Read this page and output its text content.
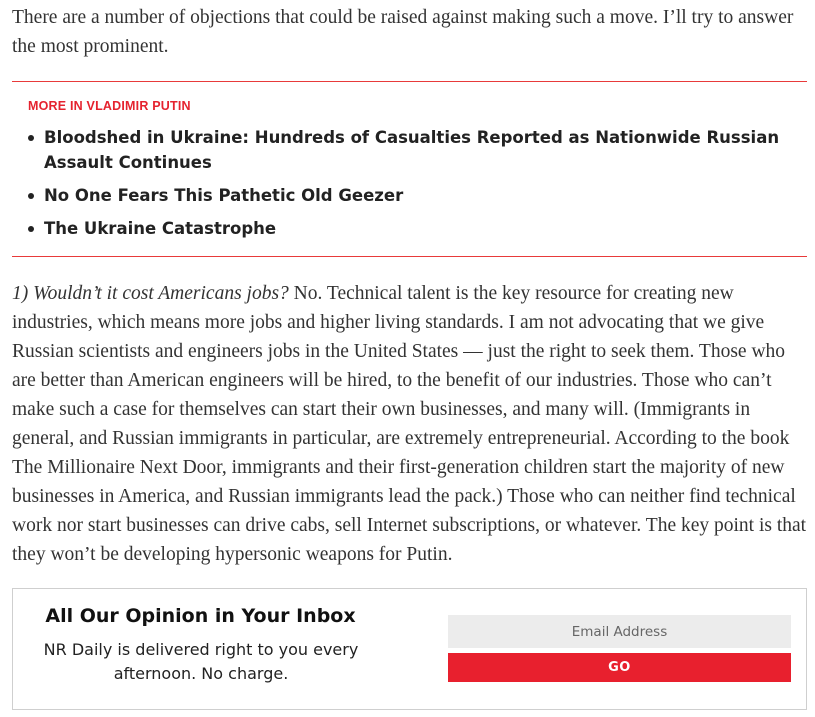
There are a number of objections that could be raised against making such a move. I’ll try to answer the most prominent.

MORE IN VLADIMIR PUTIN
Bloodshed in Ukraine: Hundreds of Casualties Reported as Nationwide Russian Assault Continues
No One Fears This Pathetic Old Geezer
The Ukraine Catastrophe

1) Wouldn’t it cost Americans jobs? No. Technical talent is the key resource for creating new industries, which means more jobs and higher living standards. I am not advocating that we give Russian scientists and engineers jobs in the United States — just the right to seek them. Those who are better than American engineers will be hired, to the benefit of our industries. Those who can’t make such a case for themselves can start their own businesses, and many will. (Immigrants in general, and Russian immigrants in particular, are extremely entrepreneurial. According to the book The Millionaire Next Door, immigrants and their first-generation children start the majority of new businesses in America, and Russian immigrants lead the pack.) Those who can neither find technical work nor start businesses can drive cabs, sell Internet subscriptions, or whatever. The key point is that they won’t be developing hypersonic weapons for Putin.

All Our Opinion in Your Inbox
NR Daily is delivered right to you every afternoon. No charge.
Email Address	GO
